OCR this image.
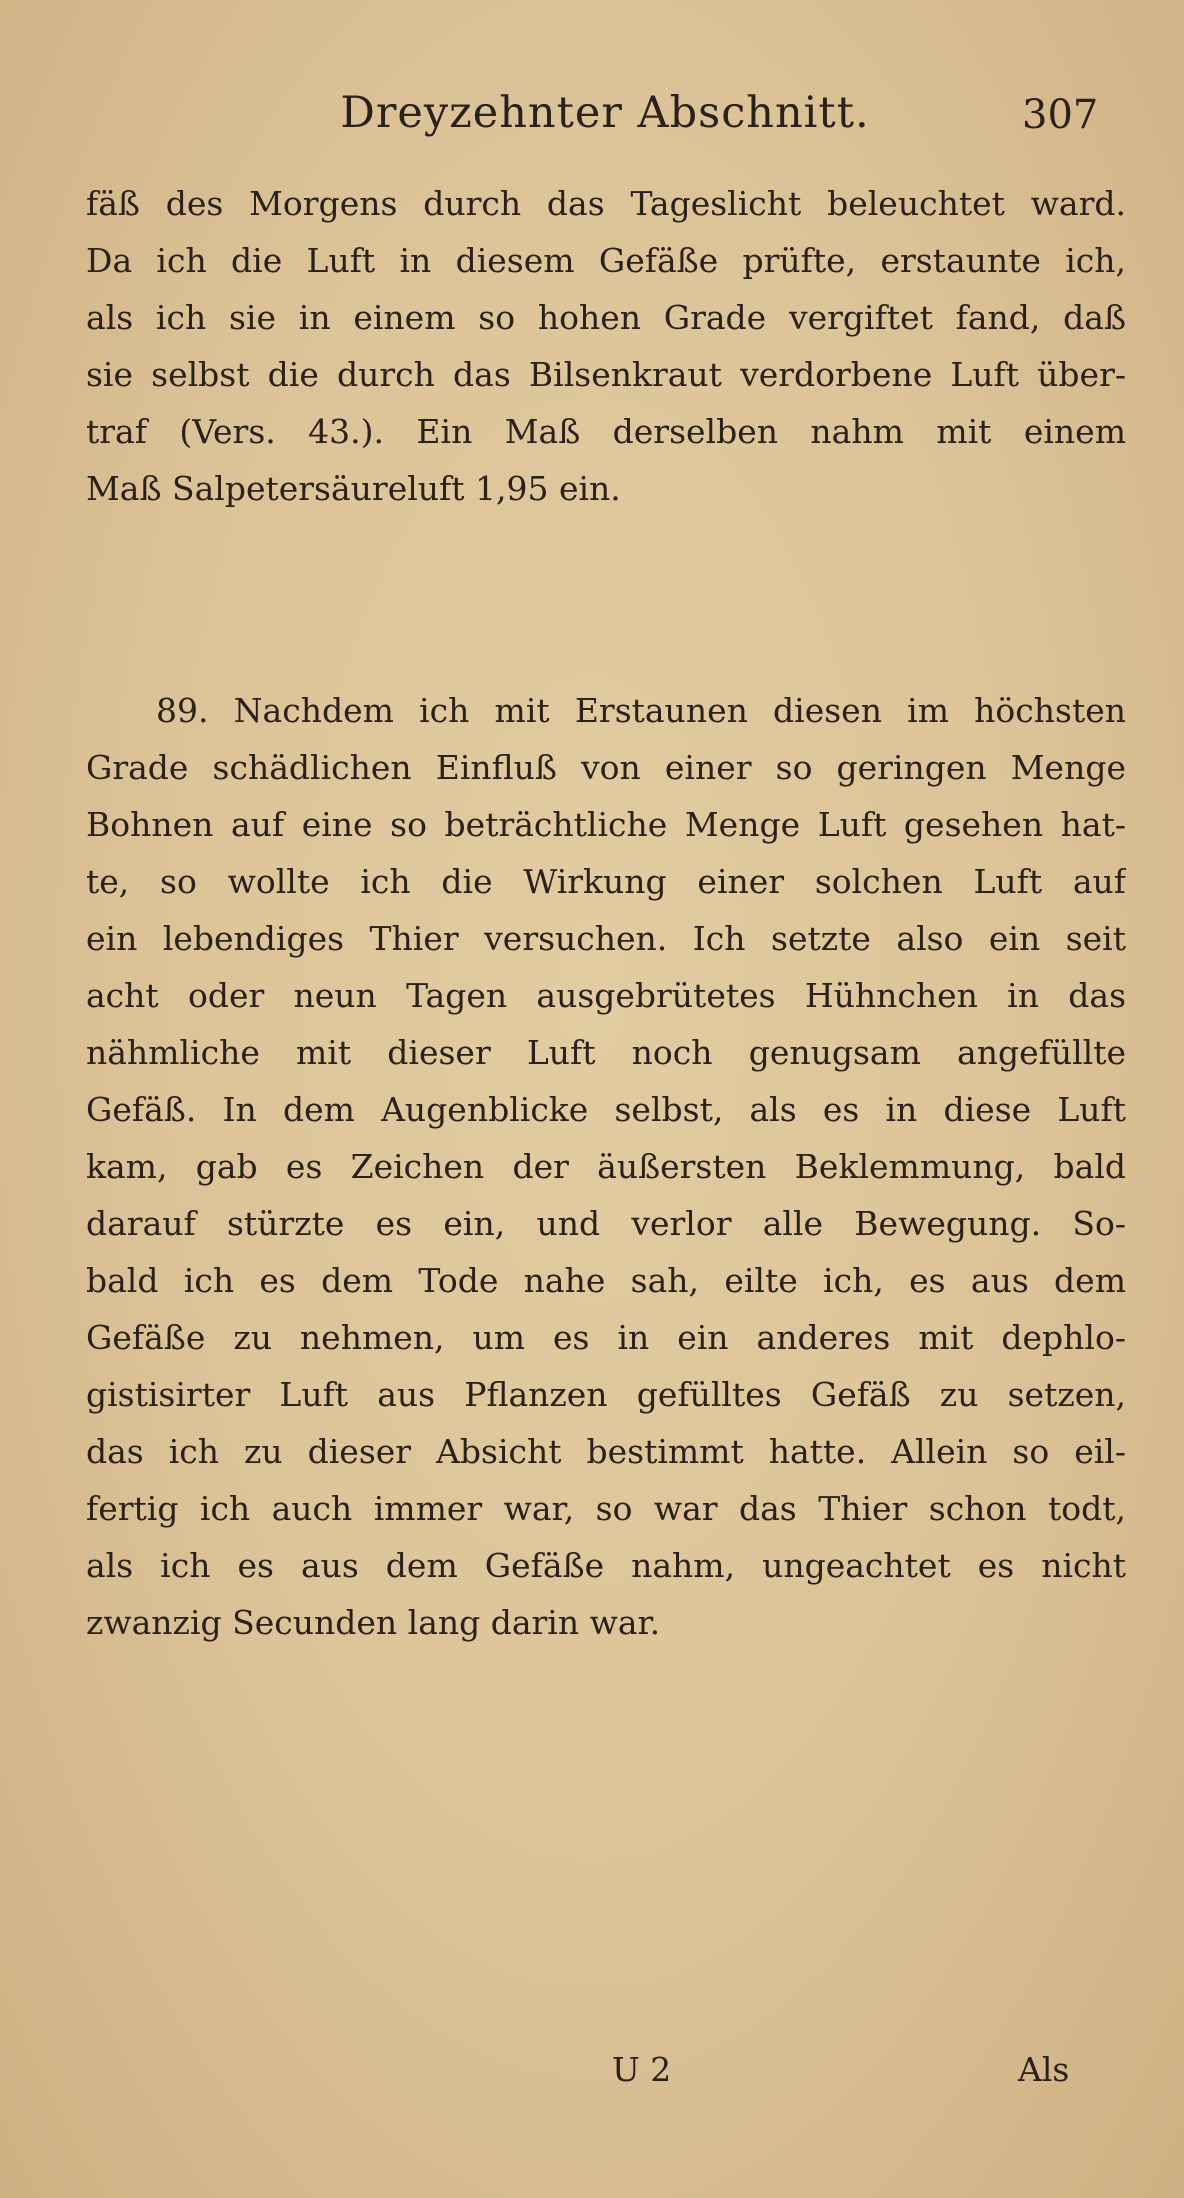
Dreyzehnter Abschnitt.	307
fäß des Morgens durch das Tageslicht beleuchtet ward.
Da ich die Luft in diesem Gefäße prüfte, erstaunte ich,
als ich sie in einem so hohen Grade vergiftet fand, daß
sie selbst die durch das Bilsenkraut verdorbene Luft über-
traf (Vers. 43.). Ein Maß derselben nahm mit einem
Maß Salpetersäureluft 1,95 ein.
89. Nachdem ich mit Erstaunen diesen im höchsten
Grade schädlichen Einfluß von einer so geringen Menge
Bohnen auf eine so beträchtliche Menge Luft gesehen hat-
te, so wollte ich die Wirkung einer solchen Luft auf
ein lebendiges Thier versuchen. Ich setzte also ein seit
acht oder neun Tagen ausgebrütetes Hühnchen in das
nähmliche mit dieser Luft noch genugsam angefüllte
Gefäß. In dem Augenblicke selbst, als es in diese Luft
kam, gab es Zeichen der äußersten Beklemmung, bald
darauf stürzte es ein, und verlor alle Bewegung. So-
bald ich es dem Tode nahe sah, eilte ich, es aus dem
Gefäße zu nehmen, um es in ein anderes mit dephlo-
gistisirter Luft aus Pflanzen gefülltes Gefäß zu setzen,
das ich zu dieser Absicht bestimmt hatte. Allein so eil-
fertig ich auch immer war, so war das Thier schon todt,
als ich es aus dem Gefäße nahm, ungeachtet es nicht
zwanzig Secunden lang darin war.
U 2	Als
